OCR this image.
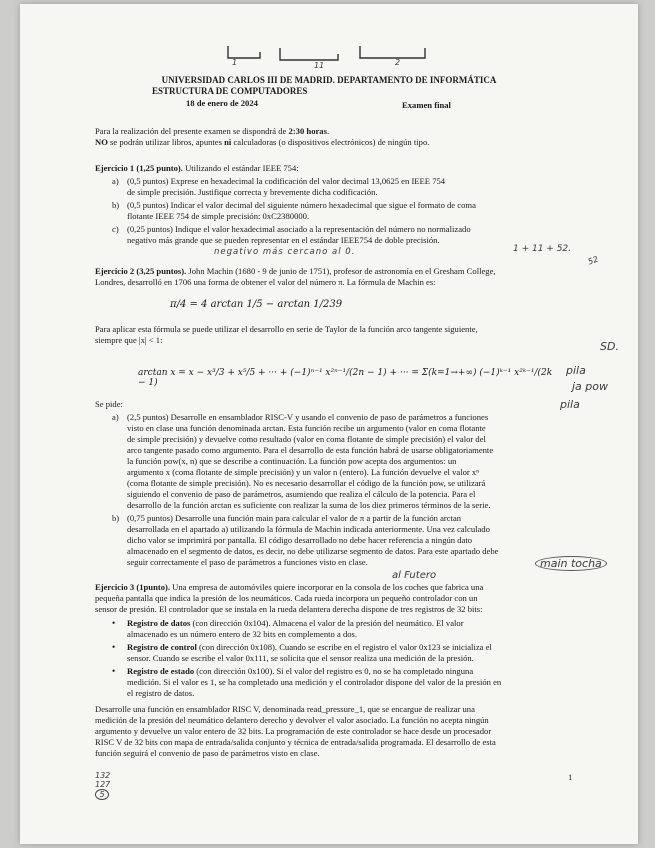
1	11	2
UNIVERSIDAD CARLOS III DE MADRID. DEPARTAMENTO DE INFORMÁTICA
ESTRUCTURA DE COMPUTADORES
18 de enero de 2024	Examen final
Para la realización del presente examen se dispondrá de 2:30 horas.
NO se podrán utilizar libros, apuntes ni calculadoras (o dispositivos electrónicos) de ningún tipo.
Ejercicio 1 (1,25 punto). Utilizando el estándar IEEE 754:
a) (0,5 puntos) Exprese en hexadecimal la codificación del valor decimal 13,0625 en IEEE 754
de simple precisión. Justifique correcta y brevemente dicha codificación.
b) (0,5 puntos) Indicar el valor decimal del siguiente número hexadecimal que sigue el formato de coma
flotante IEEE 754 de simple precisión: 0xC2380000.
c) (0,25 puntos) Indique el valor hexadecimal asociado a la representación del número no normalizado
negativo más grande que se pueden representar en el estándar IEEE754 de doble precisión.
negativo más cercano al 0.	1 + 11 + 52.
52
Ejercicio 2 (3,25 puntos). John Machin (1680 - 9 de junio de 1751), profesor de astronomía en el Gresham College,
Londres, desarrolló en 1706 una forma de obtener el valor del número π. La fórmula de Machin es:
π/4 = 4 arctan 1/5 − arctan 1/239
Para aplicar esta fórmula se puede utilizar el desarrollo en serie de Taylor de la función arco tangente siguiente,
siempre que |x| < 1:
arctan x = x − x³/3 + x⁵/5 + ··· + (−1)ⁿ⁻¹ x²ⁿ⁻¹/(2n − 1) + ··· = Σ(k=1→+∞) (−1)ᵏ⁻¹ x²ᵏ⁻¹/(2k − 1)
SD.
pila
ja pow
pila
Se pide:
a) (2,5 puntos) Desarrolle en ensamblador RISC-V y usando el convenio de paso de parámetros a funciones
visto en clase una función denominada arctan. Esta función recibe un argumento (valor en coma flotante
de simple precisión) y devuelve como resultado (valor en coma flotante de simple precisión) el valor del
arco tangente pasado como argumento. Para el desarrollo de esta función habrá de usarse obligatoriamente
la función pow(x, n) que se describe a continuación. La función pow acepta dos argumentos: un
argumento x (coma flotante de simple precisión) y un valor n (entero). La función devuelve el valor xⁿ
(coma flotante de simple precisión). No es necesario desarrollar el código de la función pow, se utilizará
siguiendo el convenio de paso de parámetros, asumiendo que realiza el cálculo de la potencia. Para el
desarrollo de la función arctan es suficiente con realizar la suma de los diez primeros términos de la serie.
b) (0,75 puntos) Desarrolle una función main para calcular el valor de π a partir de la función arctan
desarrollada en el apartado a) utilizando la fórmula de Machin indicada anteriormente. Una vez calculado
dicho valor se imprimirá por pantalla. El código desarrollado no debe hacer referencia a ningún dato
almacenado en el segmento de datos, es decir, no debe utilizarse segmento de datos. Para este apartado debe
seguir correctamente el paso de parámetros a funciones visto en clase.	main tocha
al Futero
Ejercicio 3 (1punto). Una empresa de automóviles quiere incorporar en la consola de los coches que fabrica una
pequeña pantalla que indica la presión de los neumáticos. Cada rueda incorpora un pequeño controlador con un
sensor de presión. El controlador que se instala en la rueda delantera derecha dispone de tres registros de 32 bits:
• Registro de datos (con dirección 0x104). Almacena el valor de la presión del neumático. El valor
almacenado es un número entero de 32 bits en complemento a dos.
• Registro de control (con dirección 0x108). Cuando se escribe en el registro el valor 0x123 se inicializa el
sensor. Cuando se escribe el valor 0x111, se solicita que el sensor realiza una medición de la presión.
• Registro de estado (con dirección 0x100). Si el valor del registro es 0, no se ha completado ninguna
medición. Si el valor es 1, se ha completado una medición y el controlador dispone del valor de la presión en
el registro de datos.
Desarrolle una función en ensamblador RISC V, denominada read_pressure_1, que se encargue de realizar una
medición de la presión del neumático delantero derecho y devolver el valor asociado. La función no acepta ningún
argumento y devuelve un valor entero de 32 bits. La programación de este controlador se hace desde un procesador
RISC V de 32 bits con mapa de entrada/salida conjunto y técnica de entrada/salida programada. El desarrollo de esta
función seguirá el convenio de paso de parámetros visto en clase.
132
127
5
1
